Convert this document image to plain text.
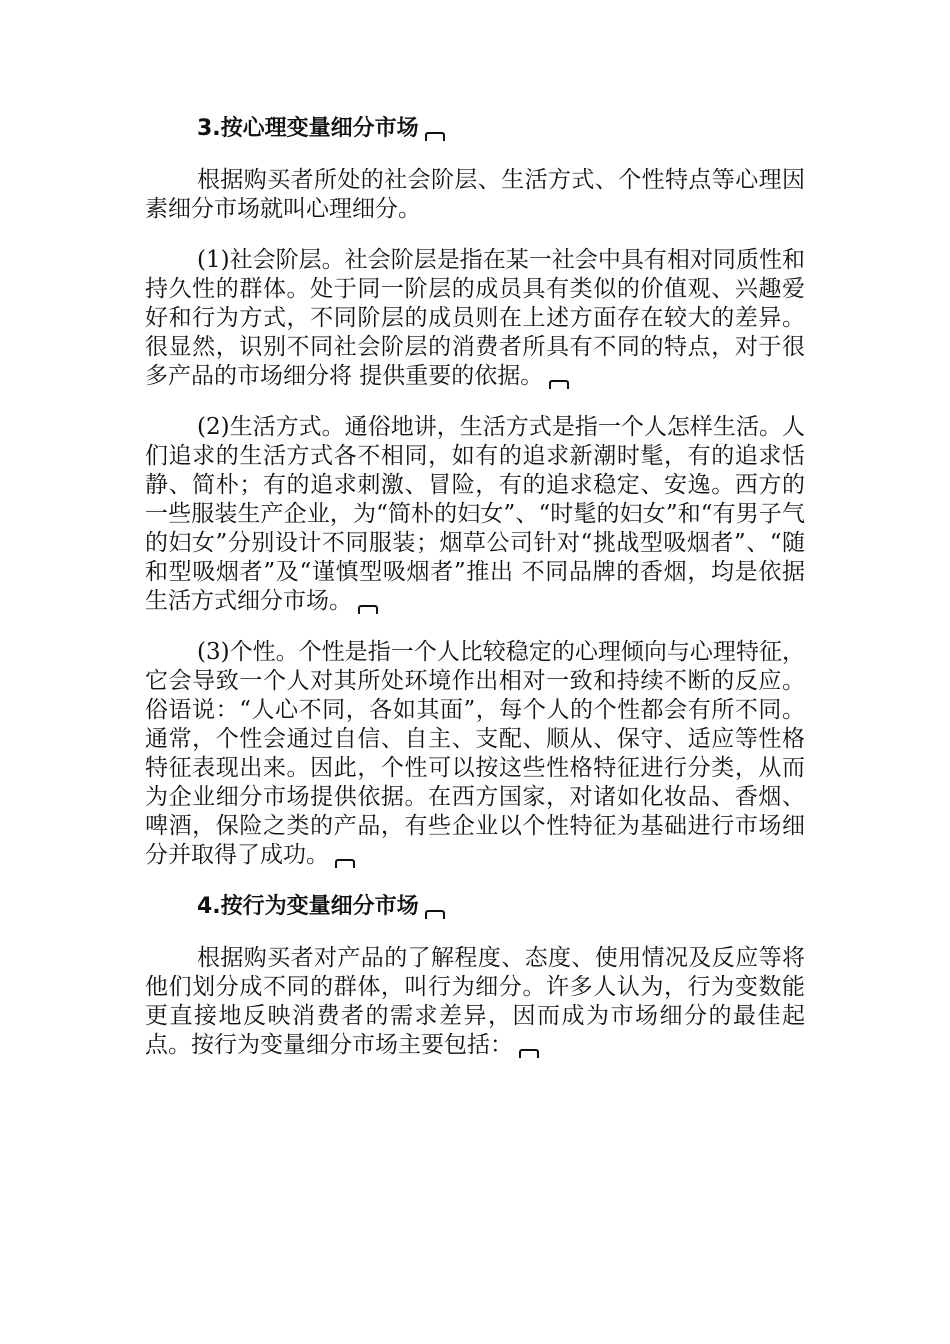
3.按心理变量细分市场

根据购买者所处的社会阶层、生活方式、个性特点等心理因素细分市场就叫心理细分。

(1)社会阶层。社会阶层是指在某一社会中具有相对同质性和持久性的群体。处于同一阶层的成员具有类似的价值观、兴趣爱好和行为方式，不同阶层的成员则在上述方面存在较大的差异。很显然，识别不同社会阶层的消费者所具有不同的特点，对于很多产品的市场细分将 提供重要的依据。

(2)生活方式。通俗地讲，生活方式是指一个人怎样生活。人们追求的生活方式各不相同，如有的追求新潮时髦，有的追求恬静、简朴；有的追求刺激、冒险，有的追求稳定、安逸。西方的一些服装生产企业，为“简朴的妇女”、“时髦的妇女”和“有男子气的妇女”分别设计不同服装；烟草公司针对“挑战型吸烟者”、“随和型吸烟者”及“谨慎型吸烟者”推出 不同品牌的香烟，均是依据生活方式细分市场。

(3)个性。个性是指一个人比较稳定的心理倾向与心理特征，它会导致一个人对其所处环境作出相对一致和持续不断的反应。俗语说：“人心不同，各如其面”，每个人的个性都会有所不同。通常，个性会通过自信、自主、支配、顺从、保守、适应等性格特征表现出来。因此，个性可以按这些性格特征进行分类，从而为企业细分市场提供依据。在西方国家，对诸如化妆品、香烟、啤酒，保险之类的产品，有些企业以个性特征为基础进行市场细分并取得了成功。

4.按行为变量细分市场

根据购买者对产品的了解程度、态度、使用情况及反应等将他们划分成不同的群体，叫行为细分。许多人认为，行为变数能更直接地反映消费者的需求差异，因而成为市场细分的最佳起点。按行为变量细分市场主要包括：
